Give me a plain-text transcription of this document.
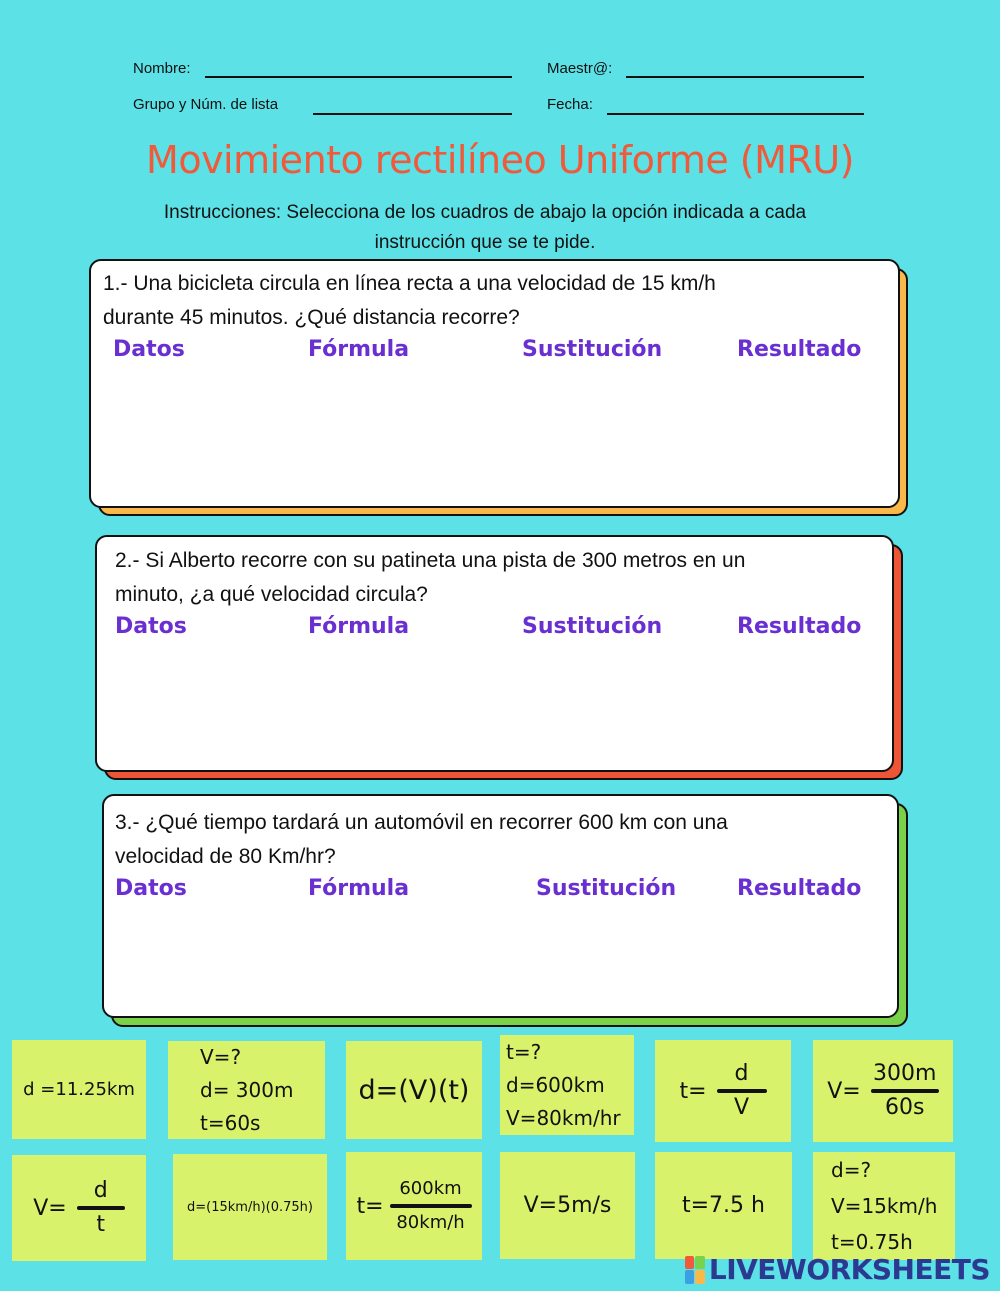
Nombre:	Maestr@:
Grupo y Núm. de lista	Fecha:
Movimiento rectilíneo Uniforme (MRU)
Instrucciones: Selecciona de los cuadros de abajo la opción indicada a cada instrucción que se te pide.
1.- Una bicicleta circula en línea recta a una velocidad de 15 km/h
durante 45 minutos. ¿Qué distancia recorre?
Datos	Fórmula	Sustitución	Resultado
2.- Si Alberto recorre con su patineta una pista de 300 metros en un
minuto, ¿a qué velocidad circula?
Datos	Fórmula	Sustitución	Resultado
3.- ¿Qué tiempo tardará un automóvil en recorrer 600 km con una
velocidad de 80 Km/hr?
Datos	Fórmula	Sustitución	Resultado
d =11.25km
V=?
d= 300m
t=60s
d=(V)(t)
t=?
d=600km
V=80km/hr
$t= \frac{d}{V}$	$V= \frac{300m}{60s}$
$V= \frac{d}{t}$	d=(15km/h)(0.75h) $t= \frac{600km}{80km/h} V=5m/s$	t=7.5 h
d=?
V=15km/h
t=0.75h
LIVEWORKSHEETS
